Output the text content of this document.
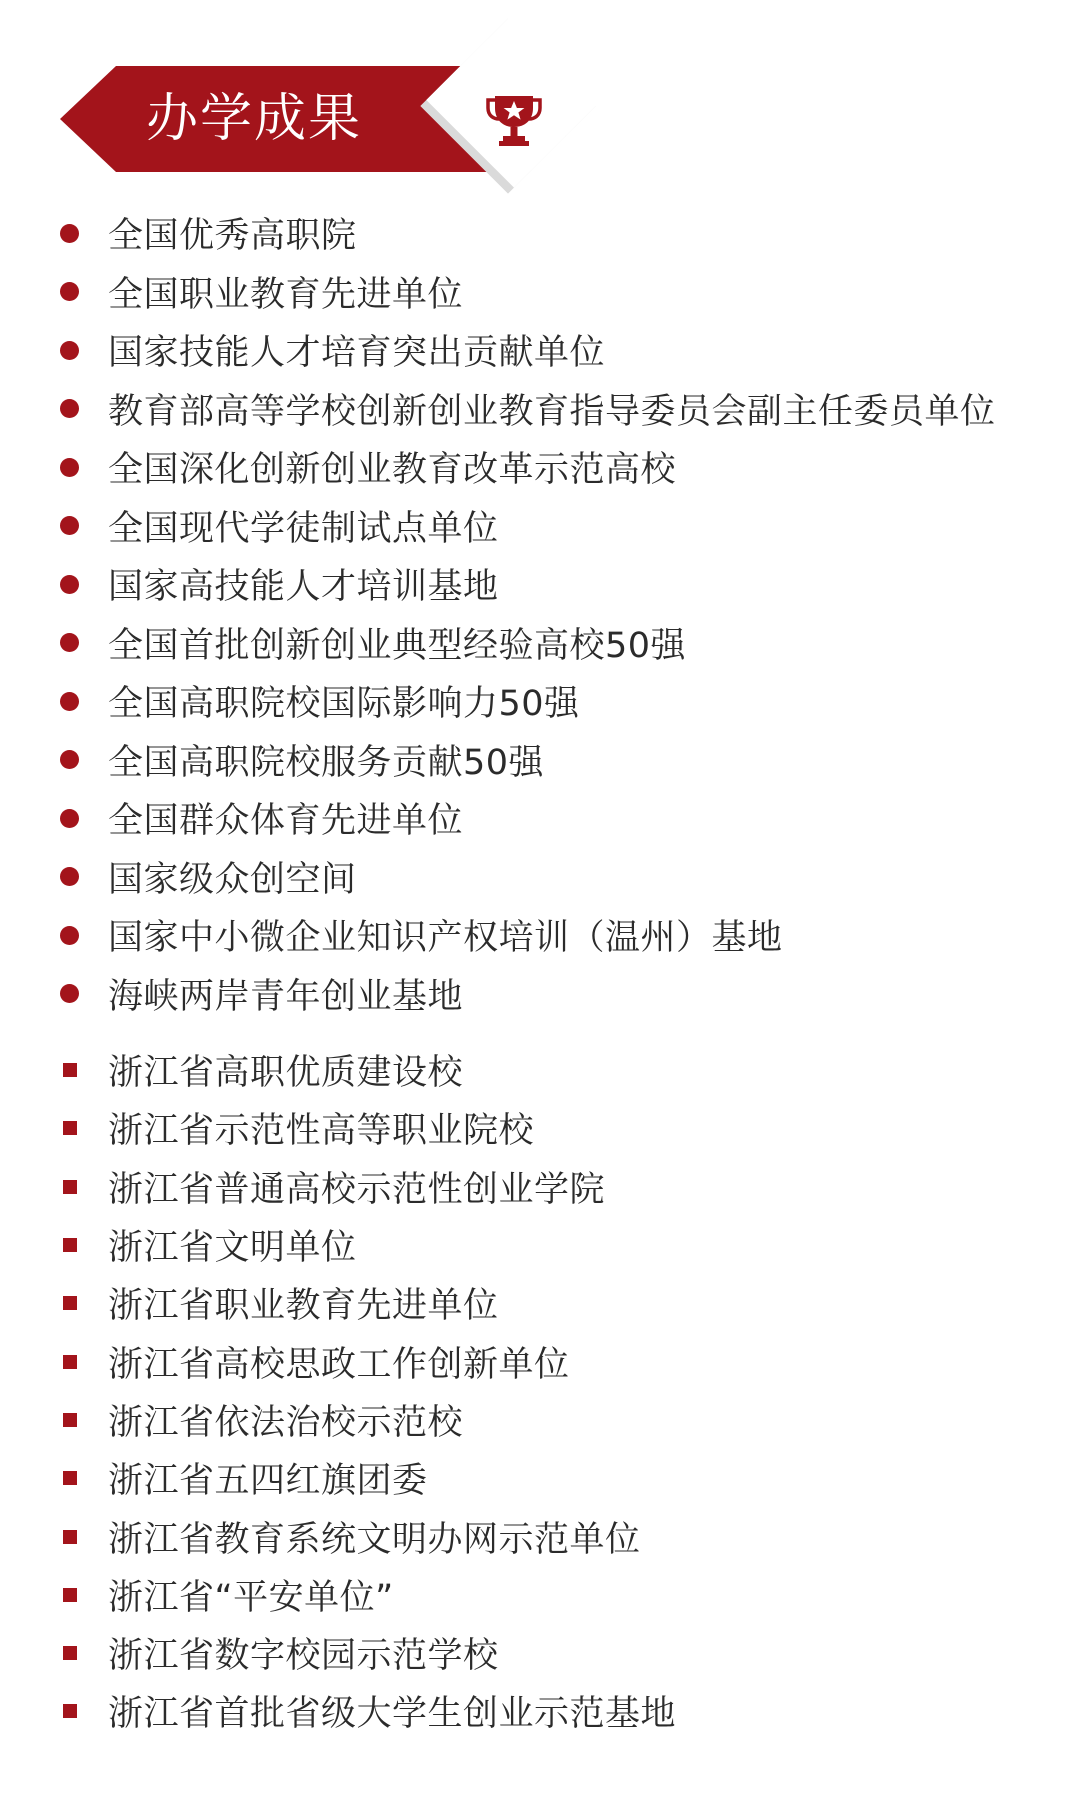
办学成果
全国优秀高职院
全国职业教育先进单位
国家技能人才培育突出贡献单位
教育部高等学校创新创业教育指导委员会副主任委员单位
全国深化创新创业教育改革示范高校
全国现代学徒制试点单位
国家高技能人才培训基地
全国首批创新创业典型经验高校50强
全国高职院校国际影响力50强
全国高职院校服务贡献50强
全国群众体育先进单位
国家级众创空间
国家中小微企业知识产权培训（温州）基地
海峡两岸青年创业基地
浙江省高职优质建设校
浙江省示范性高等职业院校
浙江省普通高校示范性创业学院
浙江省文明单位
浙江省职业教育先进单位
浙江省高校思政工作创新单位
浙江省依法治校示范校
浙江省五四红旗团委
浙江省教育系统文明办网示范单位
浙江省“平安单位”
浙江省数字校园示范学校
浙江省首批省级大学生创业示范基地
